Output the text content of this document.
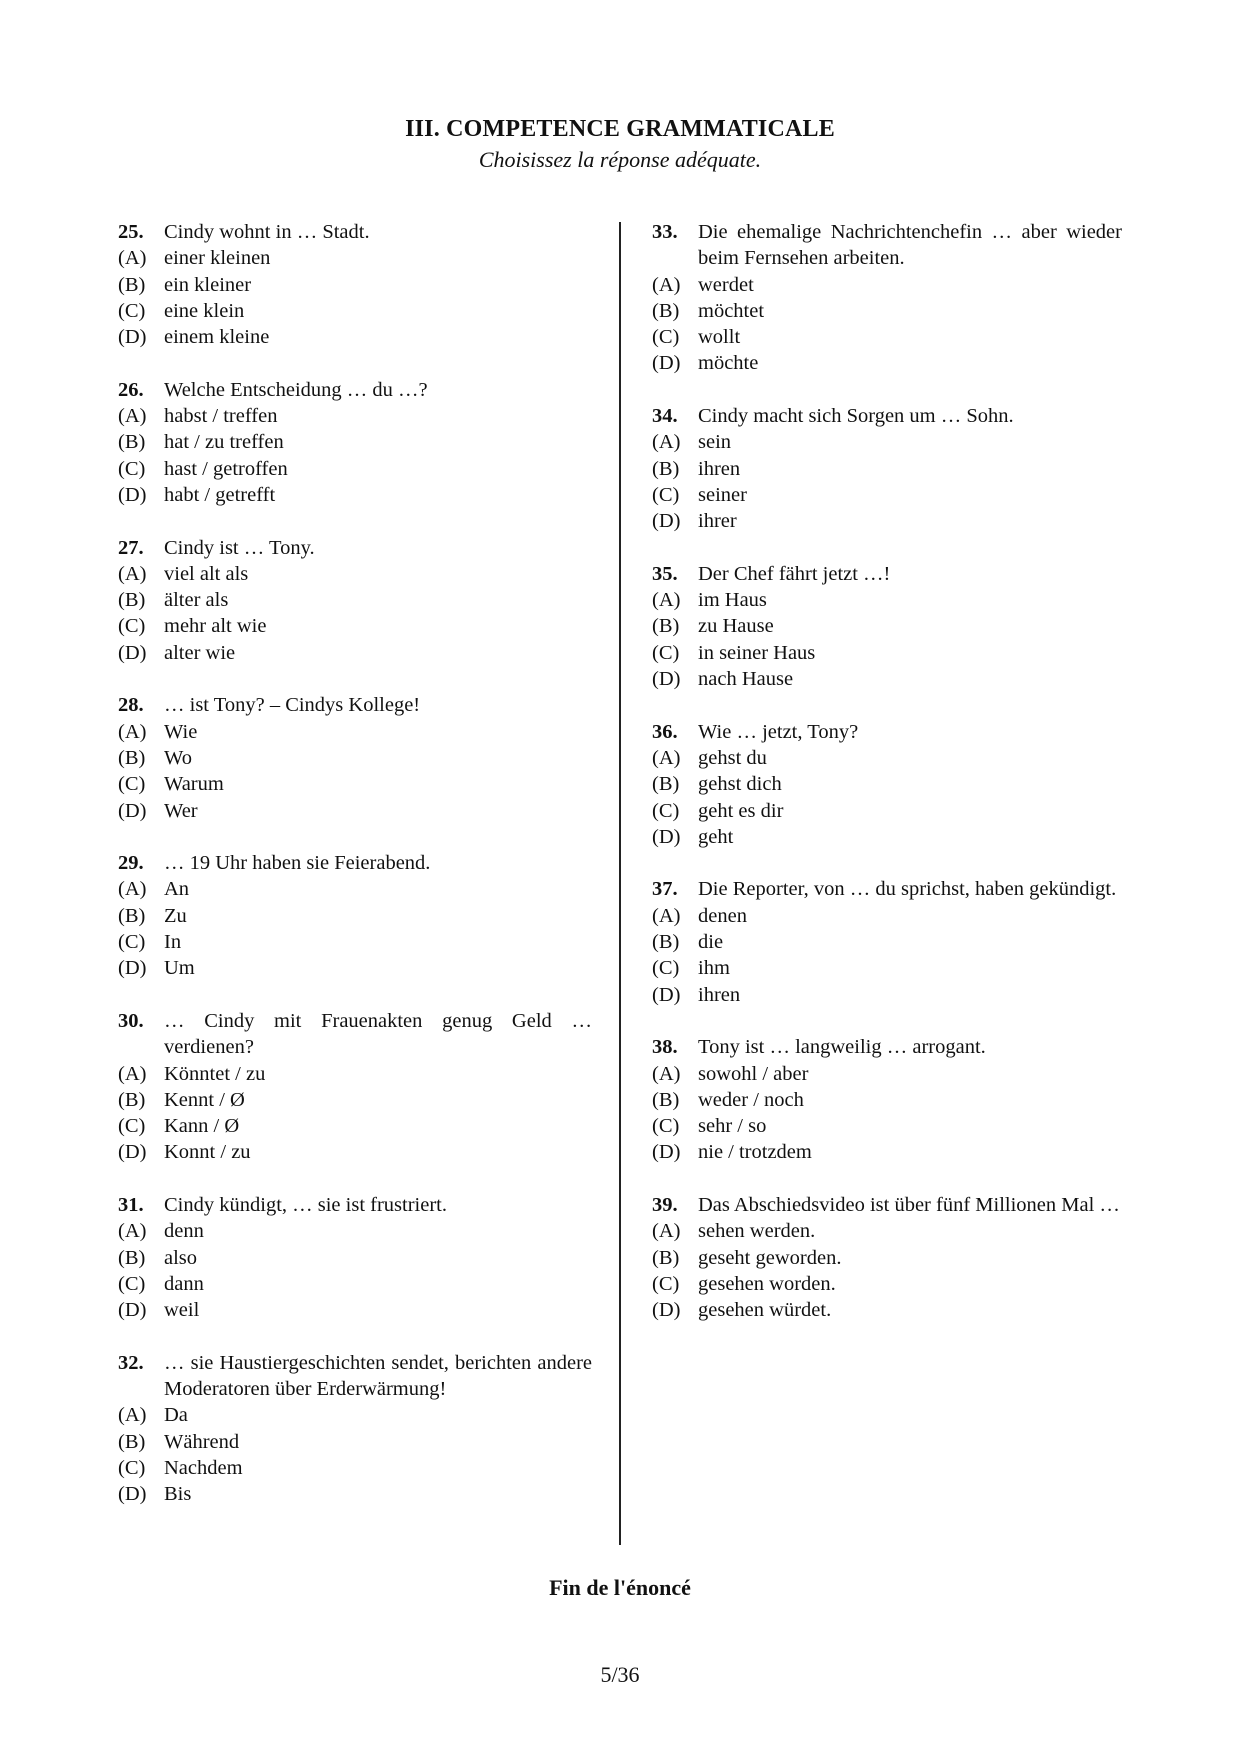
III. COMPETENCE GRAMMATICALE
Choisissez la réponse adéquate.
25. Cindy wohnt in … Stadt.
(A) einer kleinen
(B) ein kleiner
(C) eine klein
(D) einem kleine
26. Welche Entscheidung … du …?
(A) habst / treffen
(B) hat / zu treffen
(C) hast / getroffen
(D) habt / getrefft
27. Cindy ist … Tony.
(A) viel alt als
(B) älter als
(C) mehr alt wie
(D) alter wie
28. … ist Tony? – Cindys Kollege!
(A) Wie
(B) Wo
(C) Warum
(D) Wer
29. … 19 Uhr haben sie Feierabend.
(A) An
(B) Zu
(C) In
(D) Um
30. … Cindy mit Frauenakten genug Geld … verdienen?
(A) Könntet / zu
(B) Kennt / Ø
(C) Kann / Ø
(D) Konnt / zu
31. Cindy kündigt, … sie ist frustriert.
(A) denn
(B) also
(C) dann
(D) weil
32. … sie Haustiergeschichten sendet, berichten andere Moderatoren über Erderwärmung!
(A) Da
(B) Während
(C) Nachdem
(D) Bis
33. Die ehemalige Nachrichtenchefin … aber wieder beim Fernsehen arbeiten.
(A) werdet
(B) möchtet
(C) wollt
(D) möchte
34. Cindy macht sich Sorgen um … Sohn.
(A) sein
(B) ihren
(C) seiner
(D) ihrer
35. Der Chef fährt jetzt …!
(A) im Haus
(B) zu Hause
(C) in seiner Haus
(D) nach Hause
36. Wie … jetzt, Tony?
(A) gehst du
(B) gehst dich
(C) geht es dir
(D) geht
37. Die Reporter, von … du sprichst, haben gekündigt.
(A) denen
(B) die
(C) ihm
(D) ihren
38. Tony ist … langweilig … arrogant.
(A) sowohl / aber
(B) weder / noch
(C) sehr / so
(D) nie / trotzdem
39. Das Abschiedsvideo ist über fünf Millionen Mal …
(A) sehen werden.
(B) geseht geworden.
(C) gesehen worden.
(D) gesehen würdet.
Fin de l'énoncé
5/36
